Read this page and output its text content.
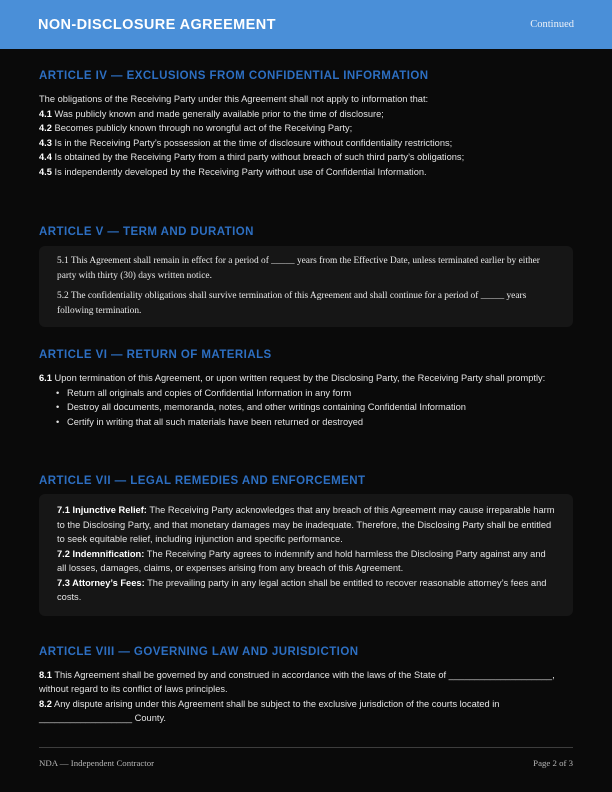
NON-DISCLOSURE AGREEMENT	Continued
ARTICLE IV — EXCLUSIONS FROM CONFIDENTIAL INFORMATION

The obligations of the Receiving Party under this Agreement shall not apply to information that:

4.1 Was publicly known and made generally available prior to the time of disclosure;

4.2 Becomes publicly known through no wrongful act of the Receiving Party;

4.3 Is in the Receiving Party’s possession at the time of disclosure without confidentiality restrictions;

4.4 Is obtained by the Receiving Party from a third party without breach of such third party’s obligations;

4.5 Is independently developed by the Receiving Party without use of Confidential Information.

ARTICLE V — TERM AND DURATION

5.1 This Agreement shall remain in effect for a period of _____ years from the Effective Date, unless terminated earlier by either party with thirty (30) days written notice.

5.2 The confidentiality obligations shall survive termination of this Agreement and shall continue for a period of _____ years following termination.

ARTICLE VI — RETURN OF MATERIALS

6.1 Upon termination of this Agreement, or upon written request by the Disclosing Party, the Receiving Party shall promptly:

•
Return all originals and copies of Confidential Information in any form
•
Destroy all documents, memoranda, notes, and other writings containing Confidential Information
•
Certify in writing that all such materials have been returned or destroyed
ARTICLE VII — LEGAL REMEDIES AND ENFORCEMENT

7.1 Injunctive Relief: The Receiving Party acknowledges that any breach of this Agreement may cause irreparable harm to the Disclosing Party, and that monetary damages may be inadequate. Therefore, the Disclosing Party shall be entitled to seek equitable relief, including injunction and specific performance.

7.2 Indemnification: The Receiving Party agrees to indemnify and hold harmless the Disclosing Party against any and all losses, damages, claims, or expenses arising from any breach of this Agreement.

7.3 Attorney’s Fees: The prevailing party in any legal action shall be entitled to recover reasonable attorney’s fees and costs.

ARTICLE VIII — GOVERNING LAW AND JURISDICTION

8.1 This Agreement shall be governed by and construed in accordance with the laws of the State of ____________________, without regard to its conflict of laws principles.

8.2 Any dispute arising under this Agreement shall be subject to the exclusive jurisdiction of the courts located in __________________ County.

NDA — Independent Contractor	Page 2 of 3
